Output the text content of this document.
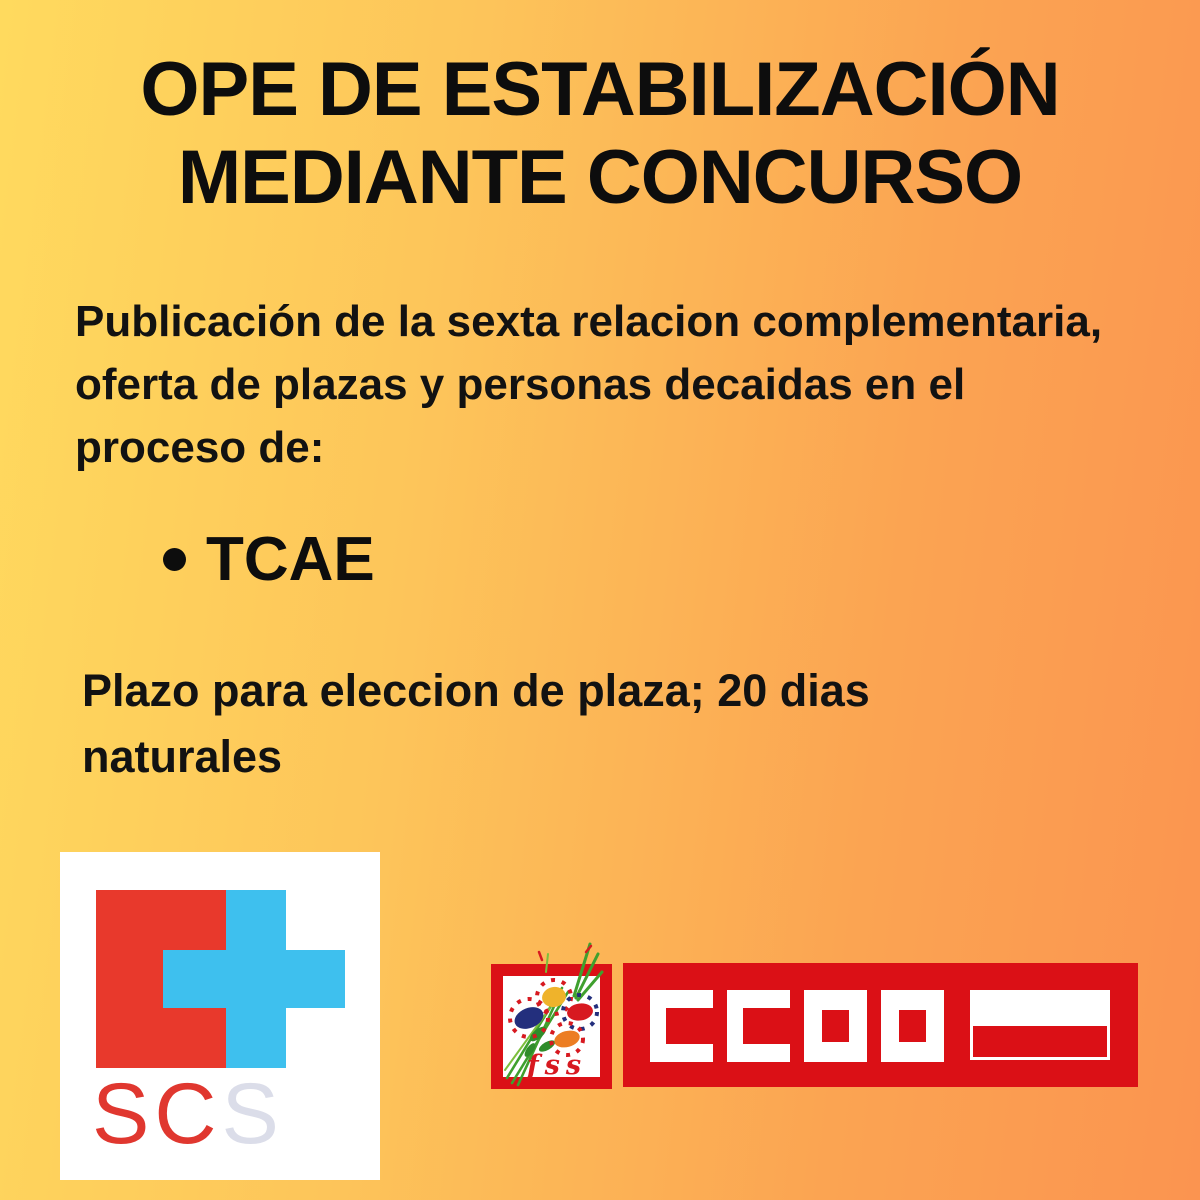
OPE DE ESTABILIZACIÓN
MEDIANTE CONCURSO
Publicación de la sexta relacion complementaria,
oferta de plazas y personas decaidas en el
proceso de:
TCAE
Plazo para eleccion de plaza; 20 dias
naturales
SCS
fss
